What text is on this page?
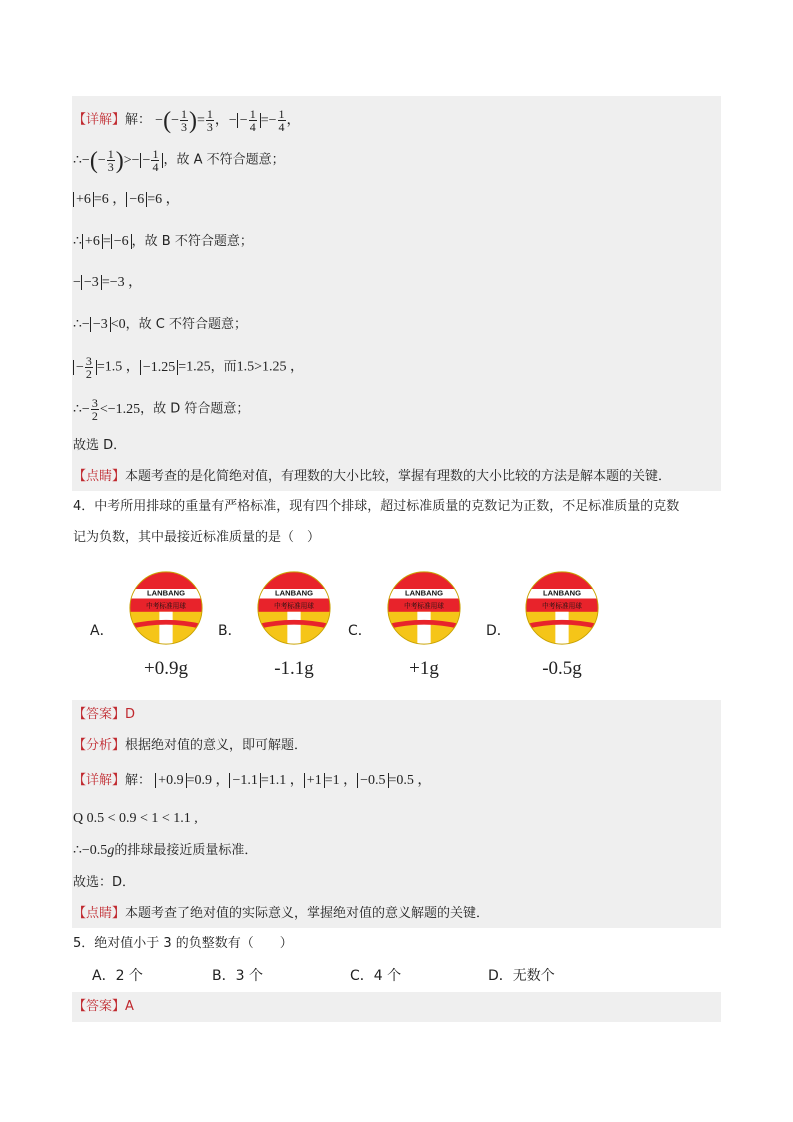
【详解】解： −(− $\frac{1}{3}$ )= $\frac{1}{3}$ ，− − $\frac{1}{4} =- \frac{1}{4}$ ，
∴−(− $\frac{1}{3}$ )>− − $\frac{1}{4}$ ，故 A 不符合题意；
+6 =6 ， −6 =6 ，
∴ +6 = −6 ，故 B 不符合题意；
− −3 =−3 ，
∴− −3 <0，故 C 不符合题意；
− $\frac{3}{2} =1.5$ ， −1.25 =1.25，而1.5>1.25 ，
∴− $\frac{3}{2} <-1.25$，故 D 符合题意；
故选 D．
【点睛】本题考查的是化简绝对值，有理数的大小比较，掌握有理数的大小比较的方法是解本题的关键．
4．中考所用排球的重量有严格标准，现有四个排球，超过标准质量的克数记为正数，不足标准质量的克数
记为负数，其中最接近标准质量的是（　）
A．
LANBANG
中考标准用球
+0.9g
B．
LANBANG
中考标准用球
-1.1g
C．
LANBANG
中考标准用球
+1g
D．
LANBANG
中考标准用球
-0.5g
【答案】D
【分析】根据绝对值的意义，即可解题．
【详解】解： +0.9 =0.9 ， −1.1 =1.1 ， +1 =1 ， −0.5 =0.5 ，
Q 0.5 < 0.9 < 1 < 1.1 ,
∴−0.5g的排球最接近质量标准．
故选：D．
【点睛】本题考查了绝对值的实际意义，掌握绝对值的意义解题的关键．
5．绝对值小于 3 的负整数有（　　）
A．2 个	B．3 个	C．4 个	D．无数个
【答案】A
